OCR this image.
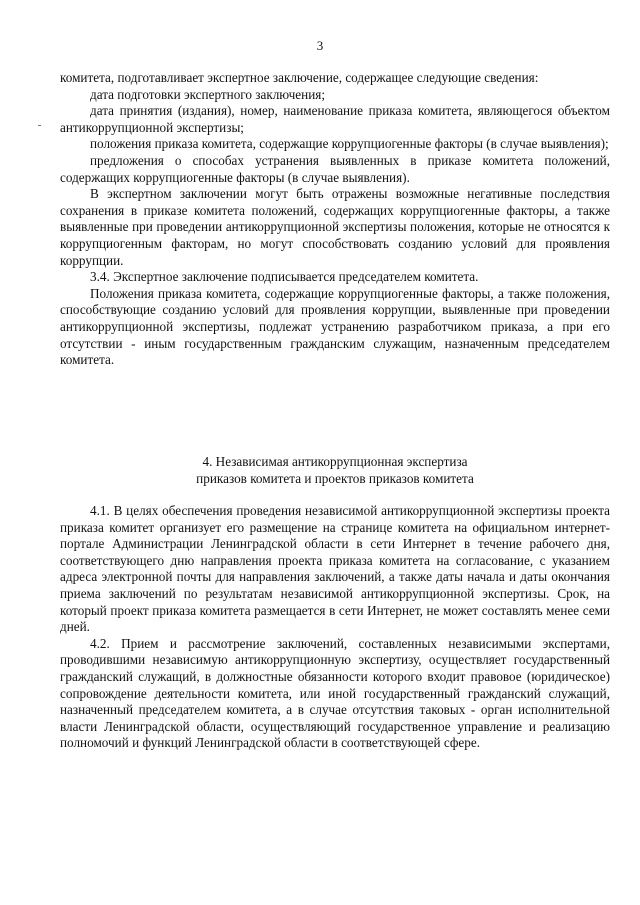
3

комитета, подготавливает экспертное заключение, содержащее следующие сведения:

дата подготовки экспертного заключения;

дата принятия (издания), номер, наименование приказа комитета, являющегося объектом антикоррупционной экспертизы;

положения приказа комитета, содержащие коррупциогенные факторы (в случае выявления);

предложения о способах устранения выявленных в приказе комитета положений, содержащих коррупциогенные факторы (в случае выявления).

В экспертном заключении могут быть отражены возможные негативные последствия сохранения в приказе комитета положений, содержащих коррупциогенные факторы, а также выявленные при проведении антикоррупционной экспертизы положения, которые не относятся к коррупциогенным факторам, но могут способствовать созданию условий для проявления коррупции.

3.4. Экспертное заключение подписывается председателем комитета.

Положения приказа комитета, содержащие коррупциогенные факторы, а также положения, способствующие созданию условий для проявления коррупции, выявленные при проведении антикоррупционной экспертизы, подлежат устранению разработчиком приказа, а при его отсутствии - иным государственным гражданским служащим, назначенным председателем комитета.

4. Независимая антикоррупционная экспертиза
приказов комитета и проектов приказов комитета

4.1. В целях обеспечения проведения независимой антикоррупционной экспертизы проекта приказа комитет организует его размещение на странице комитета на официальном интернет-портале Администрации Ленинградской области в сети Интернет в течение рабочего дня, соответствующего дню направления проекта приказа комитета на согласование, с указанием адреса электронной почты для направления заключений, а также даты начала и даты окончания приема заключений по результатам независимой антикоррупционной экспертизы. Срок, на который проект приказа комитета размещается в сети Интернет, не может составлять менее семи дней.

4.2. Прием и рассмотрение заключений, составленных независимыми экспертами, проводившими независимую антикоррупционную экспертизу, осуществляет государственный гражданский служащий, в должностные обязанности которого входит правовое (юридическое) сопровождение деятельности комитета, или иной государственный гражданский служащий, назначенный председателем комитета, а в случае отсутствия таковых - орган исполнительной власти Ленинградской области, осуществляющий государственное управление и реализацию полномочий и функций Ленинградской области в соответствующей сфере.
